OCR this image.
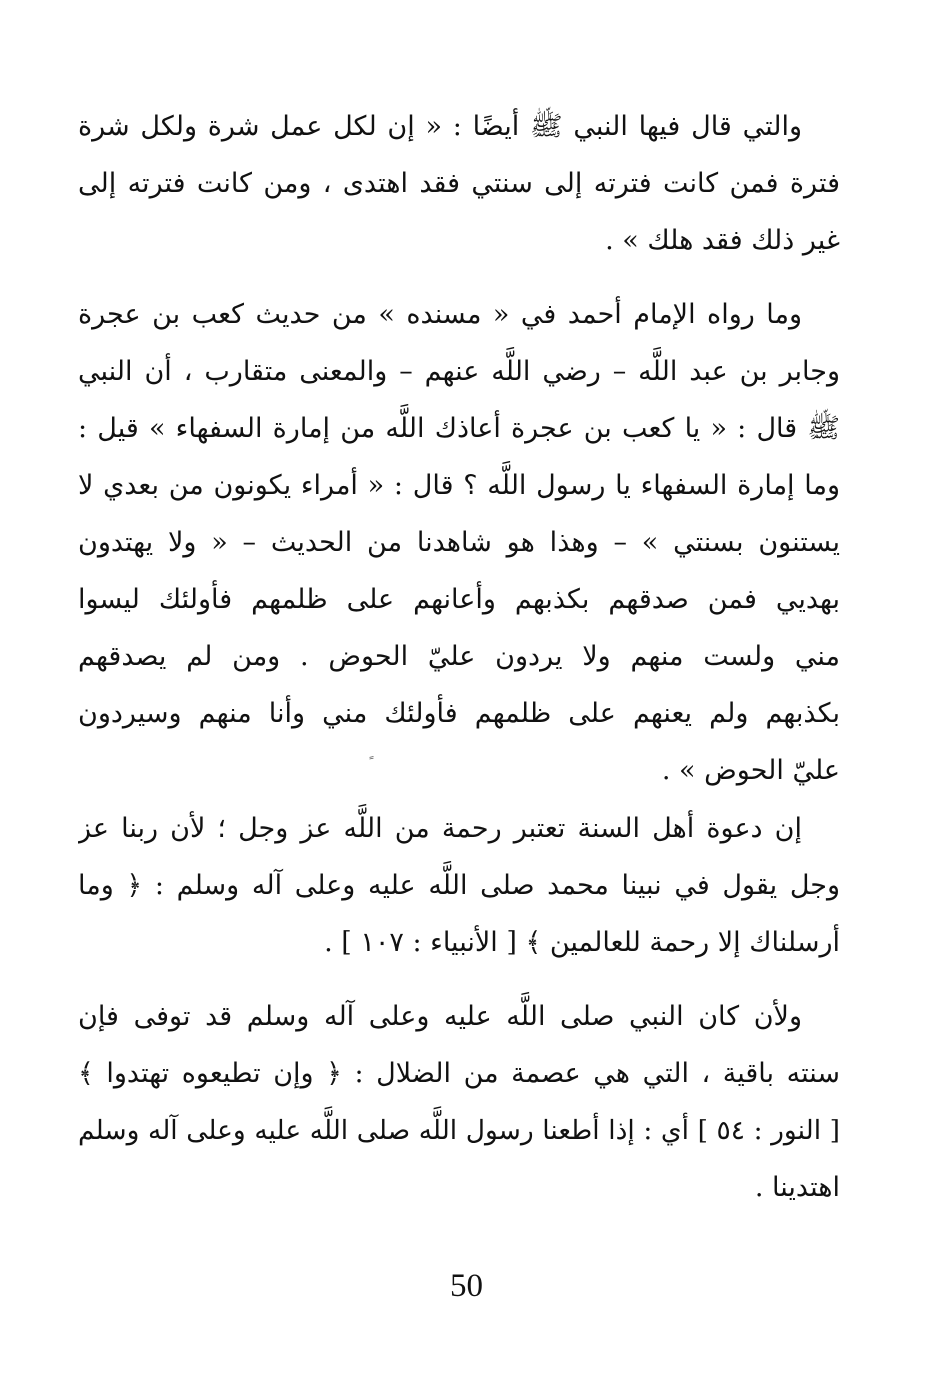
والتي قال فيها النبي ﷺ أيضًا : « إن لكل عمل شرة ولكل شرة
فترة فمن كانت فترته إلى سنتي فقد اهتدى ، ومن كانت فترته إلى
غير ذلك فقد هلك » .
وما رواه الإمام أحمد في « مسنده » من حديث كعب بن عجرة
وجابر بن عبد اللَّه – رضي اللَّه عنهم – والمعنى متقارب ، أن النبي
ﷺ قال : « يا كعب بن عجرة أعاذك اللَّه من إمارة السفهاء » قيل :
وما إمارة السفهاء يا رسول اللَّه ؟ قال : « أمراء يكونون من بعدي لا
يستنون بسنتي » – وهذا هو شاهدنا من الحديث – « ولا يهتدون
بهديي فمن صدقهم بكذبهم وأعانهم على ظلمهم فأولئك ليسوا
مني ولست منهم ولا يردون عليّ الحوض . ومن لم يصدقهم
بكذبهم ولم يعنهم على ظلمهم فأولئك مني وأنا منهم وسيردون
عليّ الحوض » .
إن دعوة أهل السنة تعتبر رحمة من اللَّه عز وجل ؛ لأن ربنا عز
وجل يقول في نبينا محمد صلى اللَّه عليه وعلى آله وسلم : ﴿ وما
أرسلناك إلا رحمة للعالمين ﴾ [ الأنبياء : ١٠٧ ] .
ولأن كان النبي صلى اللَّه عليه وعلى آله وسلم قد توفى فإن
سنته باقية ، التي هي عصمة من الضلال : ﴿ وإن تطيعوه تهتدوا ﴾
[ النور : ٥٤ ] أي : إذا أطعنا رسول اللَّه صلى اللَّه عليه وعلى آله وسلم
اهتدينا .
50
